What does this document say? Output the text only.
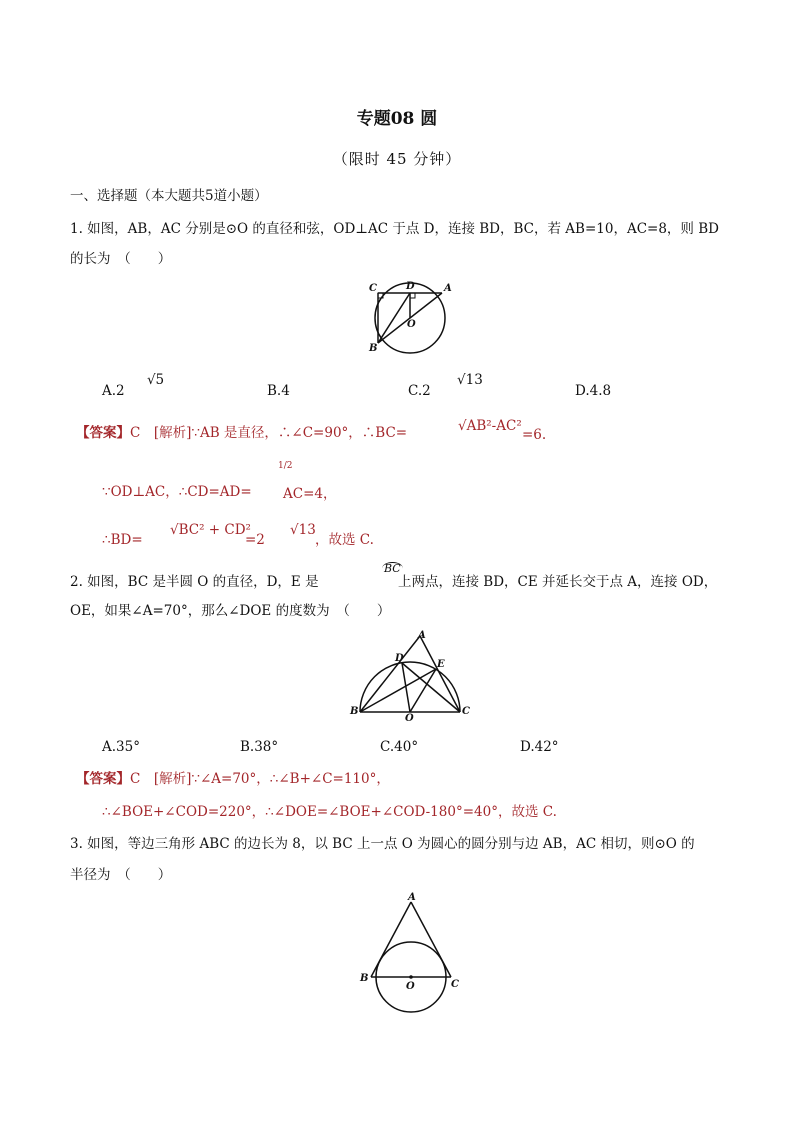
专题08 圆
（限时 45 分钟）
一、选择题（本大题共5道小题）
1. 如图，AB，AC 分别是⊙O 的直径和弦，OD⊥AC 于点 D，连接 BD，BC，若 AB=10，AC=8，则 BD
的长为　（　　）
C	D	A
O
B
A.2 √5
B.4	C.2 √13
D.4.8
【答案】C　[解析]∵AB 是直径，∴∠C=90°，∴BC=	√AB²-AC²
=6.
∵OD⊥AC，∴CD=AD=
1/2
AC=4，
∴BD=
√BC² + CD²
=2
√13
，故选 C.
2. 如图，BC 是半圆 O 的直径，D，E 是
BC
上两点，连接 BD，CE 并延长交于点 A，连接 OD，
OE，如果∠A=70°，那么∠DOE 的度数为　（　　）
A
D
E
B
O
C
A.35°	B.38°	C.40°	D.42°
【答案】C　[解析]∵∠A=70°，∴∠B+∠C=110°，
∴∠BOE+∠COD=220°，∴∠DOE=∠BOE+∠COD-180°=40°，故选 C.
3. 如图，等边三角形 ABC 的边长为 8，以 BC 上一点 O 为圆心的圆分别与边 AB，AC 相切，则⊙O 的
半径为　（　　）
A
B
O	C
